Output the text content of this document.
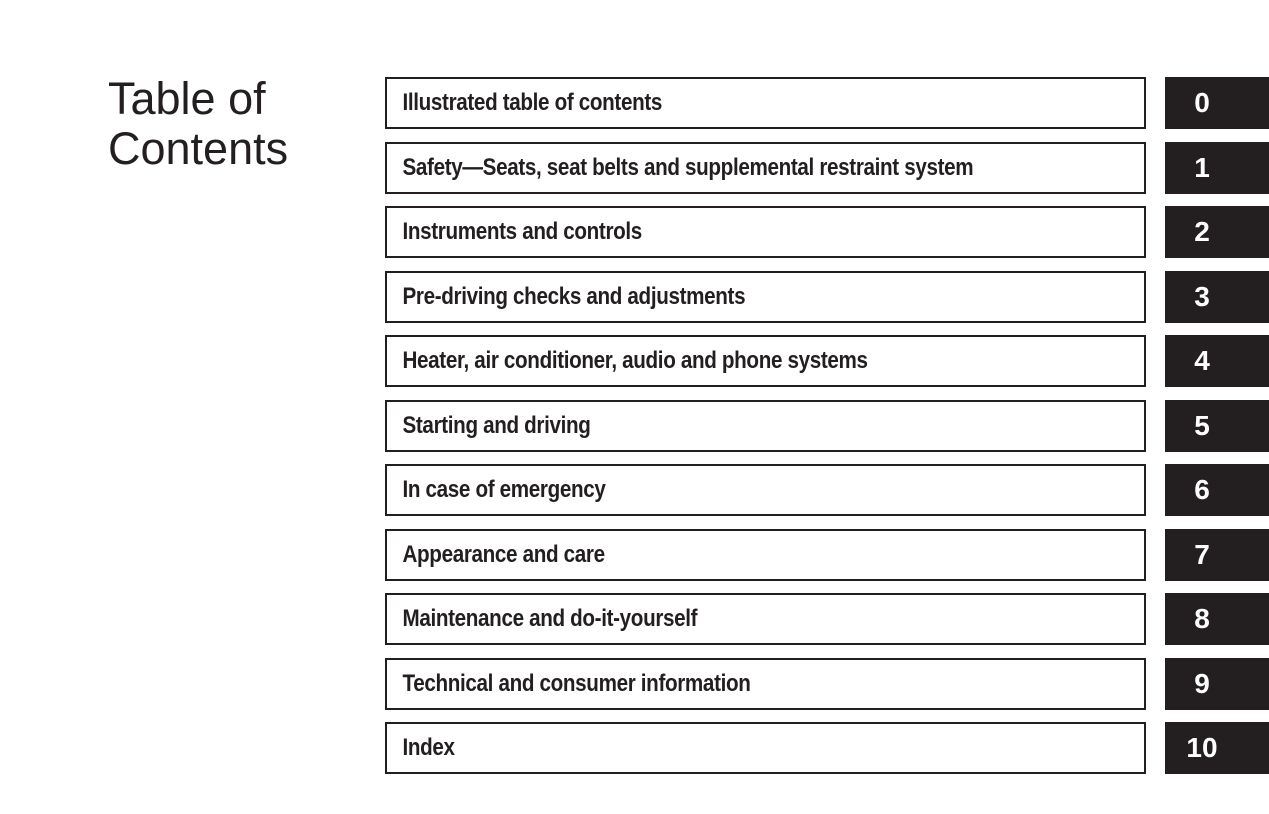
Table of
Contents
Illustrated table of contents	0
Safety—Seats, seat belts and supplemental restraint system	1
Instruments and controls	2
Pre-driving checks and adjustments	3
Heater, air conditioner, audio and phone systems	4
Starting and driving	5
In case of emergency	6
Appearance and care	7
Maintenance and do-it-yourself	8
Technical and consumer information	9
Index	10
